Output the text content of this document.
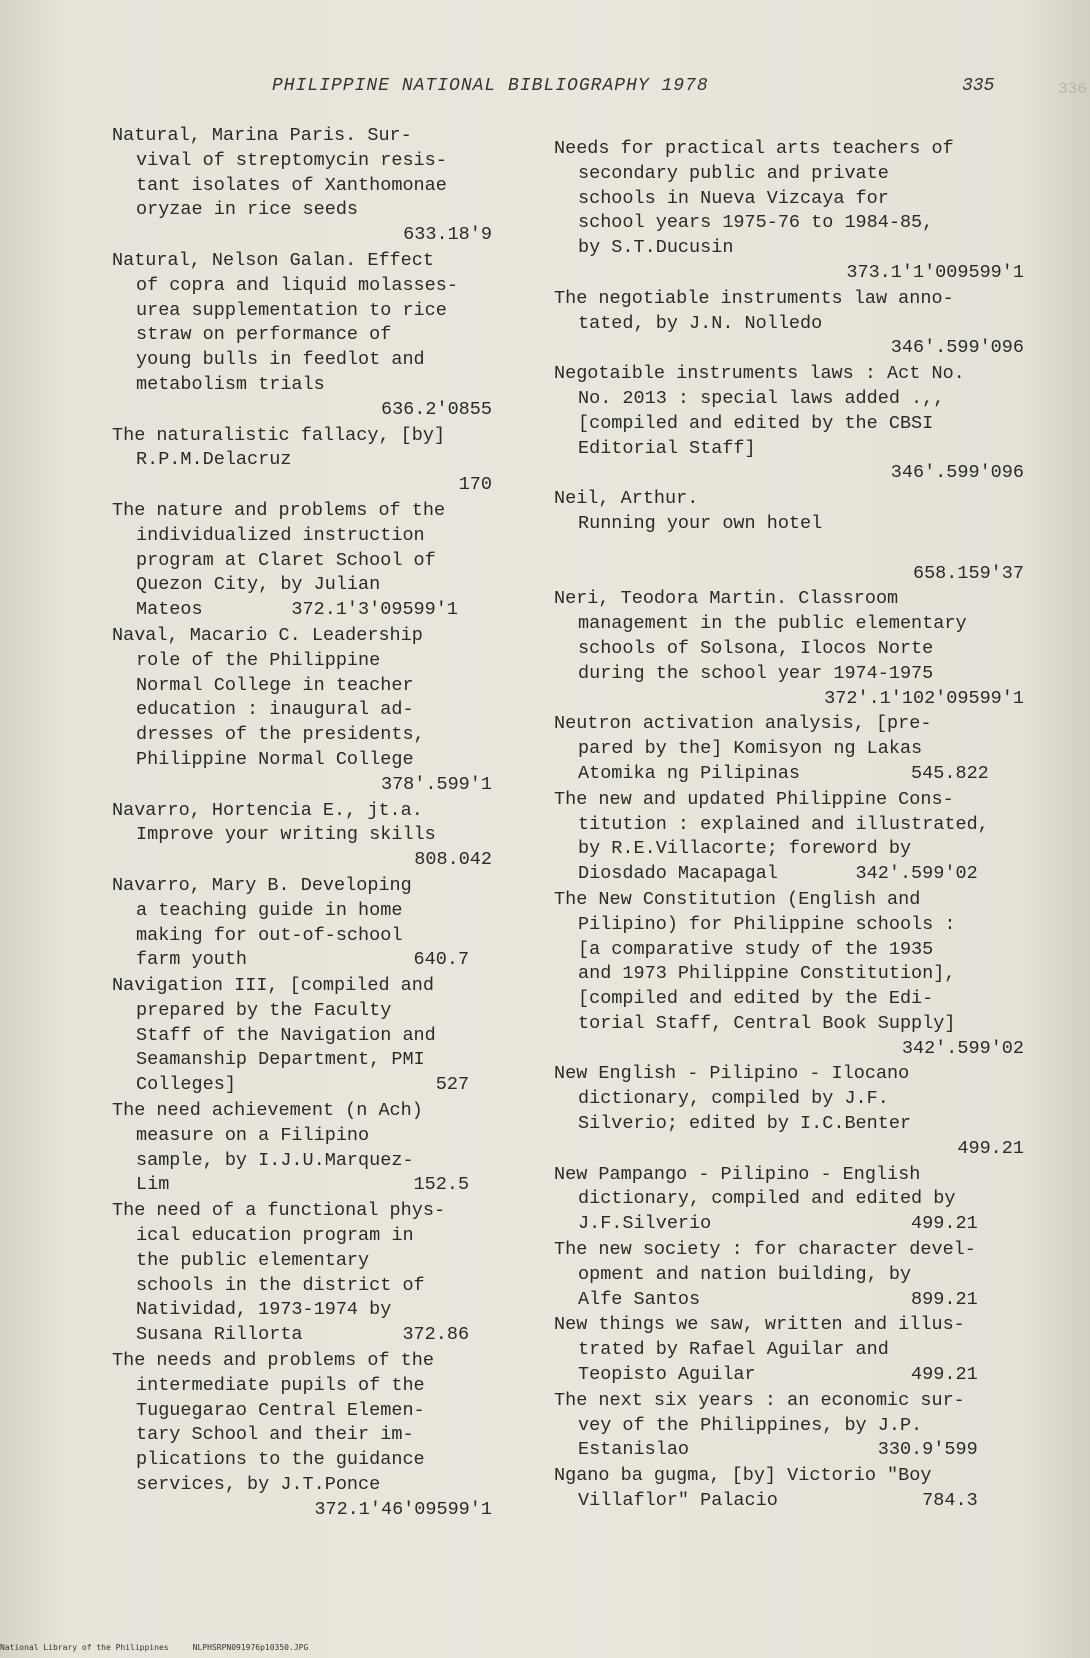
336
PHILIPPINE NATIONAL BIBLIOGRAPHY 1978	335
Natural, Marina Paris. Sur-
vival of streptomycin resis-
tant isolates of Xanthomonae
oryzae in rice seeds
633.18'9
Natural, Nelson Galan. Effect
of copra and liquid molasses-
urea supplementation to rice
straw on performance of
young bulls in feedlot and
metabolism trials
636.2'0855
The naturalistic fallacy, [by]
R.P.M.Delacruz
170
The nature and problems of the
individualized instruction
program at Claret School of
Quezon City, by Julian
Mateos        372.1'3'09599'1
Naval, Macario C. Leadership
role of the Philippine
Normal College in teacher
education : inaugural ad-
dresses of the presidents,
Philippine Normal College
378'.599'1
Navarro, Hortencia E., jt.a.
Improve your writing skills
808.042
Navarro, Mary B. Developing
a teaching guide in home
making for out-of-school
farm youth               640.7
Navigation III, [compiled and
prepared by the Faculty
Staff of the Navigation and
Seamanship Department, PMI
Colleges]                  527
The need achievement (n Ach)
measure on a Filipino
sample, by I.J.U.Marquez-
Lim                      152.5
The need of a functional phys-
ical education program in
the public elementary
schools in the district of
Natividad, 1973-1974 by
Susana Rillorta         372.86
The needs and problems of the
intermediate pupils of the
Tuguegarao Central Elemen-
tary School and their im-
plications to the guidance
services, by J.T.Ponce
372.1'46'09599'1
Needs for practical arts teachers of
secondary public and private
schools in Nueva Vizcaya for
school years 1975-76 to 1984-85,
by S.T.Ducusin
373.1'1'009599'1
The negotiable instruments law anno-
tated, by J.N. Nolledo
346'.599'096
Negotaible instruments laws : Act No.
No. 2013 : special laws added .,,
[compiled and edited by the CBSI
Editorial Staff]
346'.599'096
Neil, Arthur.
Running your own hotel
658.159'37
Neri, Teodora Martin. Classroom
management in the public elementary
schools of Solsona, Ilocos Norte
during the school year 1974-1975
372'.1'102'09599'1
Neutron activation analysis, [pre-
pared by the] Komisyon ng Lakas
Atomika ng Pilipinas          545.822
The new and updated Philippine Cons-
titution : explained and illustrated,
by R.E.Villacorte; foreword by
Diosdado Macapagal       342'.599'02
The New Constitution (English and
Pilipino) for Philippine schools :
[a comparative study of the 1935
and 1973 Philippine Constitution],
[compiled and edited by the Edi-
torial Staff, Central Book Supply]
342'.599'02
New English - Pilipino - Ilocano
dictionary, compiled by J.F.
Silverio; edited by I.C.Benter
499.21
New Pampango - Pilipino - English
dictionary, compiled and edited by
J.F.Silverio                  499.21
The new society : for character devel-
opment and nation building, by
Alfe Santos                   899.21
New things we saw, written and illus-
trated by Rafael Aguilar and
Teopisto Aguilar              499.21
The next six years : an economic sur-
vey of the Philippines, by J.P.
Estanislao                 330.9'599
Ngano ba gugma, [by] Victorio "Boy
Villaflor" Palacio             784.3
National Library of the Philippines	NLPHSRPN091976p10350.JPG
